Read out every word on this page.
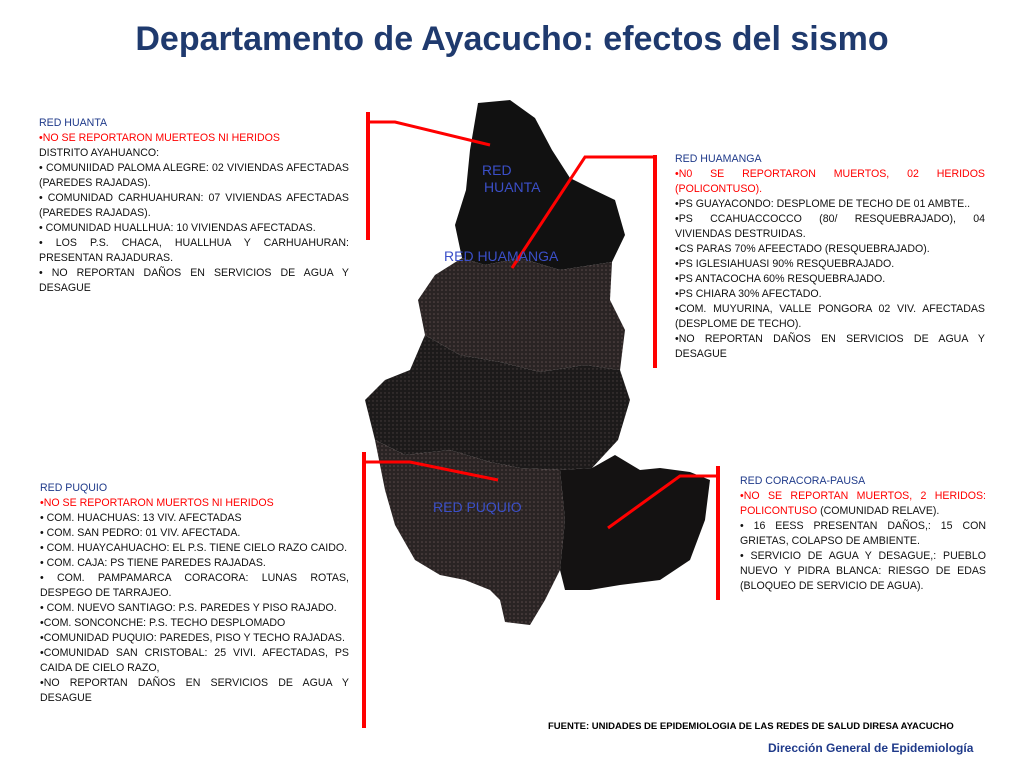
Departamento de Ayacucho: efectos del sismo
RED
HUANTA
RED HUAMANGA
RED PUQUIO

RED HUANTA

•NO SE REPORTARON MUERTEOS NI HERIDOS

DISTRITO AYAHUANCO:

• COMUNIIDAD PALOMA ALEGRE: 02 VIVIENDAS AFECTADAS (PAREDES RAJADAS).

• COMUNIDAD CARHUAHURAN: 07 VIVIENDAS AFECTADAS (PAREDES RAJADAS).

• COMUNIDAD HUALLHUA: 10 VIVIENDAS AFECTADAS.

• LOS P.S. CHACA, HUALLHUA Y CARHUAHURAN: PRESENTAN RAJADURAS.

• NO REPORTAN DAÑOS EN SERVICIOS DE AGUA Y DESAGUE

RED HUAMANGA

•N0 SE REPORTARON MUERTOS, 02 HERIDOS (POLICONTUSO).

•PS GUAYACONDO: DESPLOME DE TECHO DE 01 AMBTE..

•PS CCAHUACCOCCO (80/ RESQUEBRAJADO), 04 VIVIENDAS DESTRUIDAS.

•CS PARAS 70% AFEECTADO (RESQUEBRAJADO).

•PS IGLESIAHUASI 90% RESQUEBRAJADO.

•PS ANTACOCHA 60% RESQUEBRAJADO.

•PS CHIARA 30% AFECTADO.

•COM. MUYURINA, VALLE PONGORA 02 VIV. AFECTADAS (DESPLOME DE TECHO).

•NO REPORTAN DAÑOS EN SERVICIOS DE AGUA Y DESAGUE

RED PUQUIO

•NO SE REPORTARON MUERTOS NI HERIDOS

• COM. HUACHUAS: 13 VIV. AFECTADAS

• COM. SAN PEDRO: 01 VIV. AFECTADA.

• COM. HUAYCAHUACHO: EL P.S. TIENE CIELO RAZO CAIDO.

• COM. CAJA: PS TIENE PAREDES RAJADAS.

• COM. PAMPAMARCA CORACORA: LUNAS ROTAS, DESPEGO DE TARRAJEO.

• COM. NUEVO SANTIAGO: P.S. PAREDES Y PISO RAJADO.

•COM. SONCONCHE: P.S. TECHO DESPLOMADO

•COMUNIDAD PUQUIO: PAREDES, PISO Y TECHO RAJADAS.

•COMUNIDAD SAN CRISTOBAL: 25 VIVI. AFECTADAS, PS CAIDA DE CIELO RAZO,

•NO REPORTAN DAÑOS EN SERVICIOS DE AGUA Y DESAGUE

RED CORACORA-PAUSA

•NO SE REPORTAN MUERTOS, 2 HERIDOS: POLICONTUSO (COMUNIDAD RELAVE).

• 16 EESS PRESENTAN DAÑOS,: 15 CON GRIETAS, COLAPSO DE AMBIENTE.

• SERVICIO DE AGUA Y DESAGUE,: PUEBLO NUEVO Y PIDRA BLANCA: RIESGO DE EDAS (BLOQUEO DE SERVICIO DE AGUA).

FUENTE: UNIDADES DE EPIDEMIOLOGIA DE LAS REDES DE SALUD DIRESA AYACUCHO
Dirección General de Epidemiología
